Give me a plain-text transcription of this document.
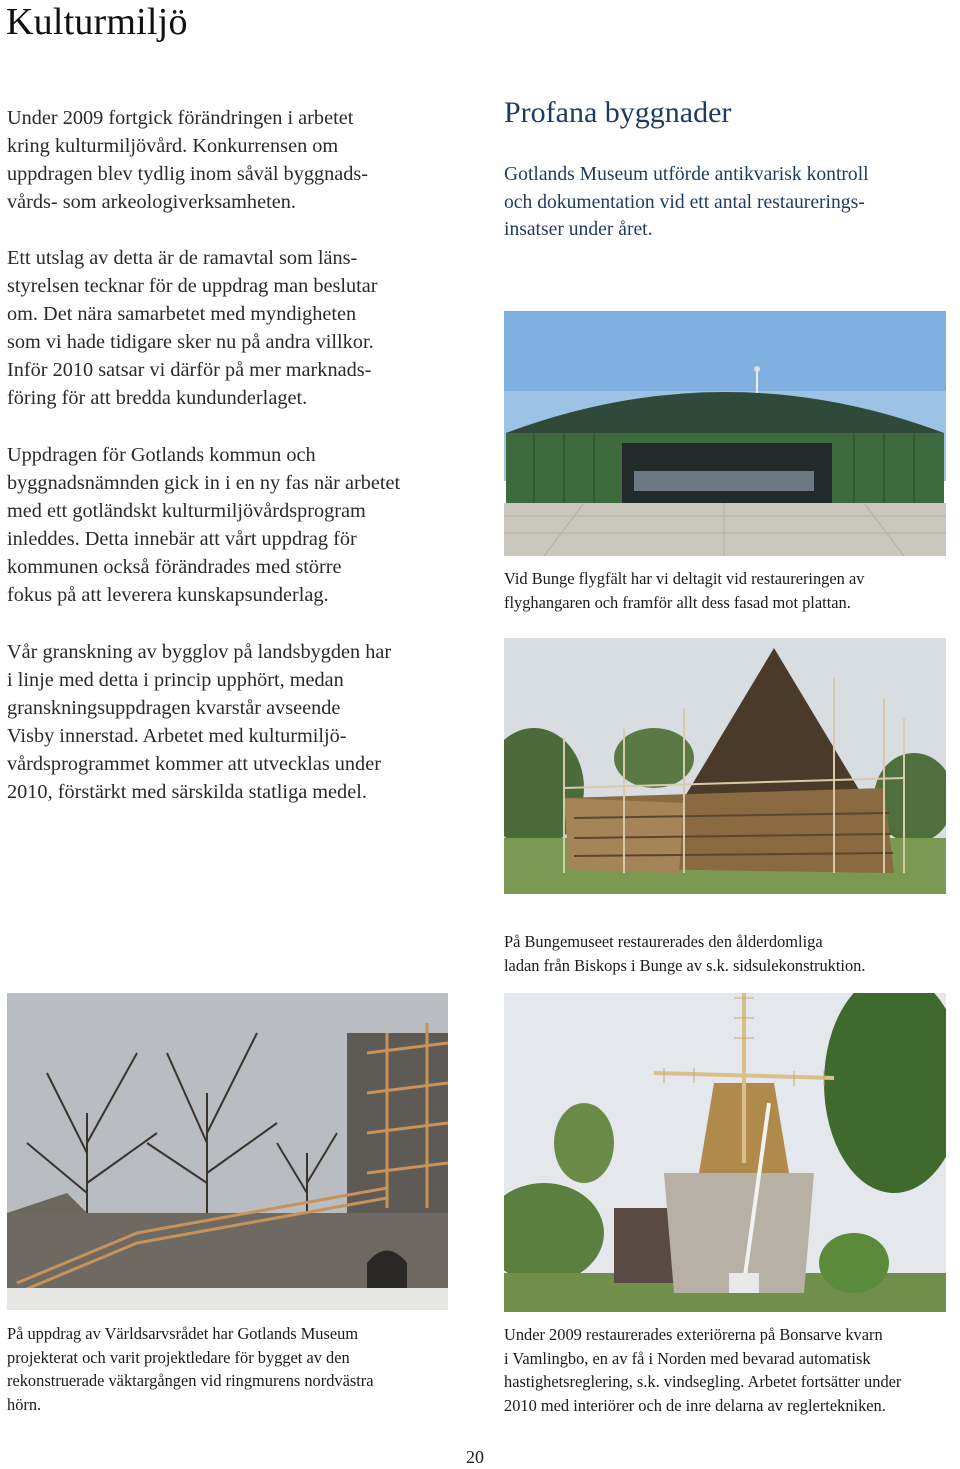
Kulturmiljö

Under 2009 fortgick förändringen i arbetet
kring kulturmiljövård. Konkurrensen om
uppdragen blev tydlig inom såväl byggnads-
vårds- som arkeologiverksamheten.

Ett utslag av detta är de ramavtal som läns-
styrelsen tecknar för de uppdrag man beslutar
om. Det nära samarbetet med myndigheten
som vi hade tidigare sker nu på andra villkor.
Inför 2010 satsar vi därför på mer marknads-
föring för att bredda kundunderlaget.

Uppdragen för Gotlands kommun och
byggnadsnämnden gick in i en ny fas när arbetet
med ett gotländskt kulturmiljövårdsprogram
inleddes. Detta innebär att vårt uppdrag för
kommunen också förändrades med större
fokus på att leverera kunskapsunderlag.

Vår granskning av bygglov på landsbygden har
i linje med detta i princip upphört, medan
granskningsuppdragen kvarstår avseende
Visby innerstad. Arbetet med kulturmiljö-
vårdsprogrammet kommer att utvecklas under
2010, förstärkt med särskilda statliga medel.

Profana byggnader

Gotlands Museum utförde antikvarisk kontroll
och dokumentation vid ett antal restaurerings-
insatser under året.

Vid Bunge flygfält har vi deltagit vid restaureringen av
flyghangaren och framför allt dess fasad mot plattan.

På Bungemuseet restaurerades den ålderdomliga
ladan från Biskops i Bunge av s.k. sidsulekonstruktion.

På uppdrag av Världsarvsrådet har Gotlands Museum
projekterat och varit projektledare för bygget av den
rekonstruerade väktargången vid ringmurens nordvästra
hörn.

Under 2009 restaurerades exteriörerna på Bonsarve kvarn
i Vamlingbo, en av få i Norden med bevarad automatisk
hastighetsreglering, s.k. vindsegling. Arbetet fortsätter under
2010 med interiörer och de inre delarna av reglertekniken.

20
